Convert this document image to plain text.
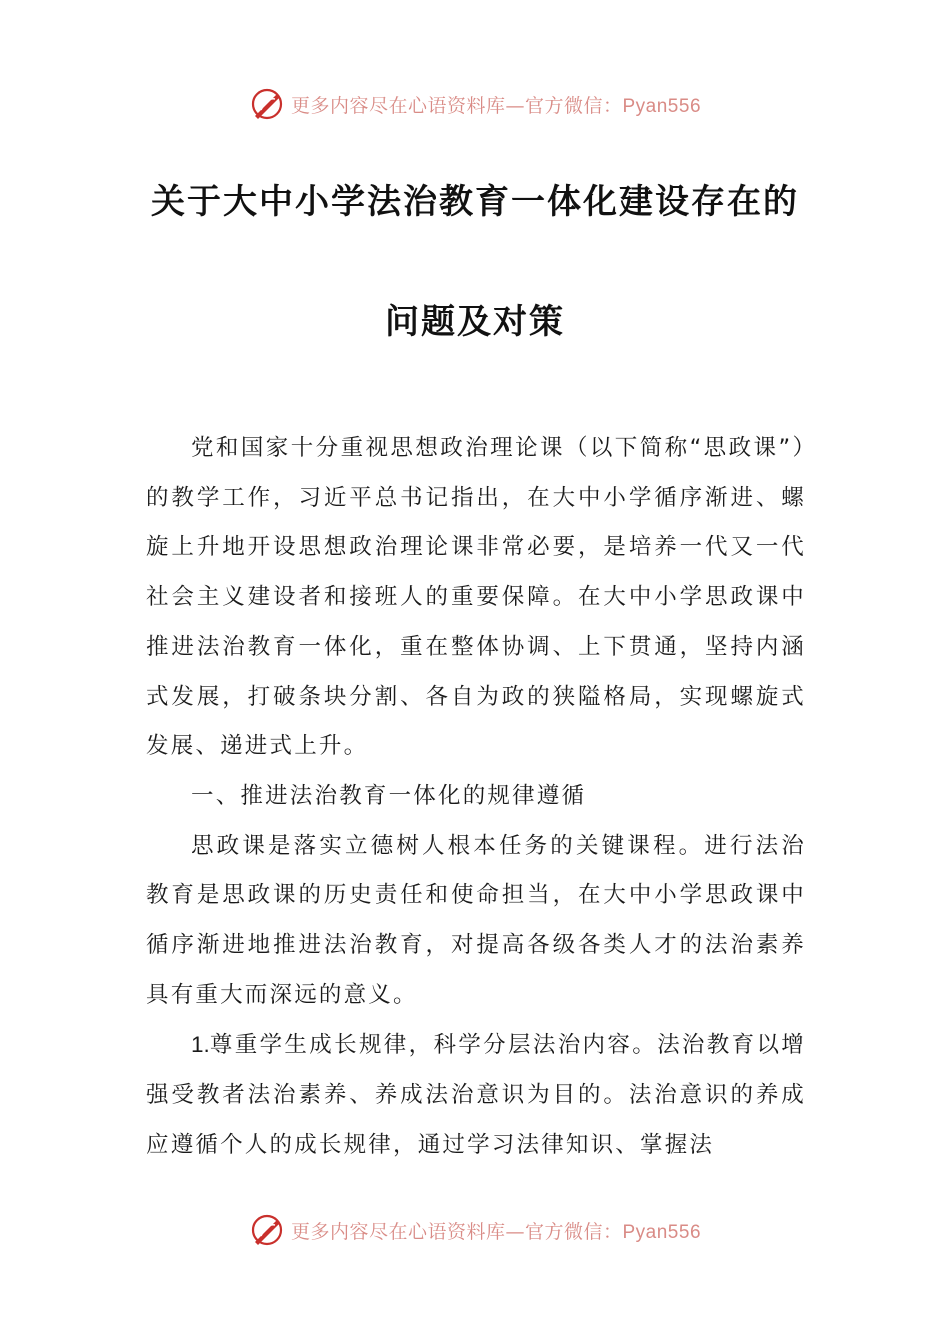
更多内容尽在心语资料库—官方微信：Pyan556
关于大中小学法治教育一体化建设存在的
问题及对策

党和国家十分重视思想政治理论课（以下简称“思政课”）的教学工作，习近平总书记指出，在大中小学循序渐进、螺旋上升地开设思想政治理论课非常必要，是培养一代又一代社会主义建设者和接班人的重要保障。在大中小学思政课中推进法治教育一体化，重在整体协调、上下贯通，坚持内涵式发展，打破条块分割、各自为政的狭隘格局，实现螺旋式发展、递进式上升。

一、推进法治教育一体化的规律遵循

思政课是落实立德树人根本任务的关键课程。进行法治教育是思政课的历史责任和使命担当，在大中小学思政课中循序渐进地推进法治教育，对提高各级各类人才的法治素养具有重大而深远的意义。

1.尊重学生成长规律，科学分层法治内容。法治教育以增强受教者法治素养、养成法治意识为目的。法治意识的养成应遵循个人的成长规律，通过学习法律知识、掌握法

更多内容尽在心语资料库—官方微信：Pyan556
